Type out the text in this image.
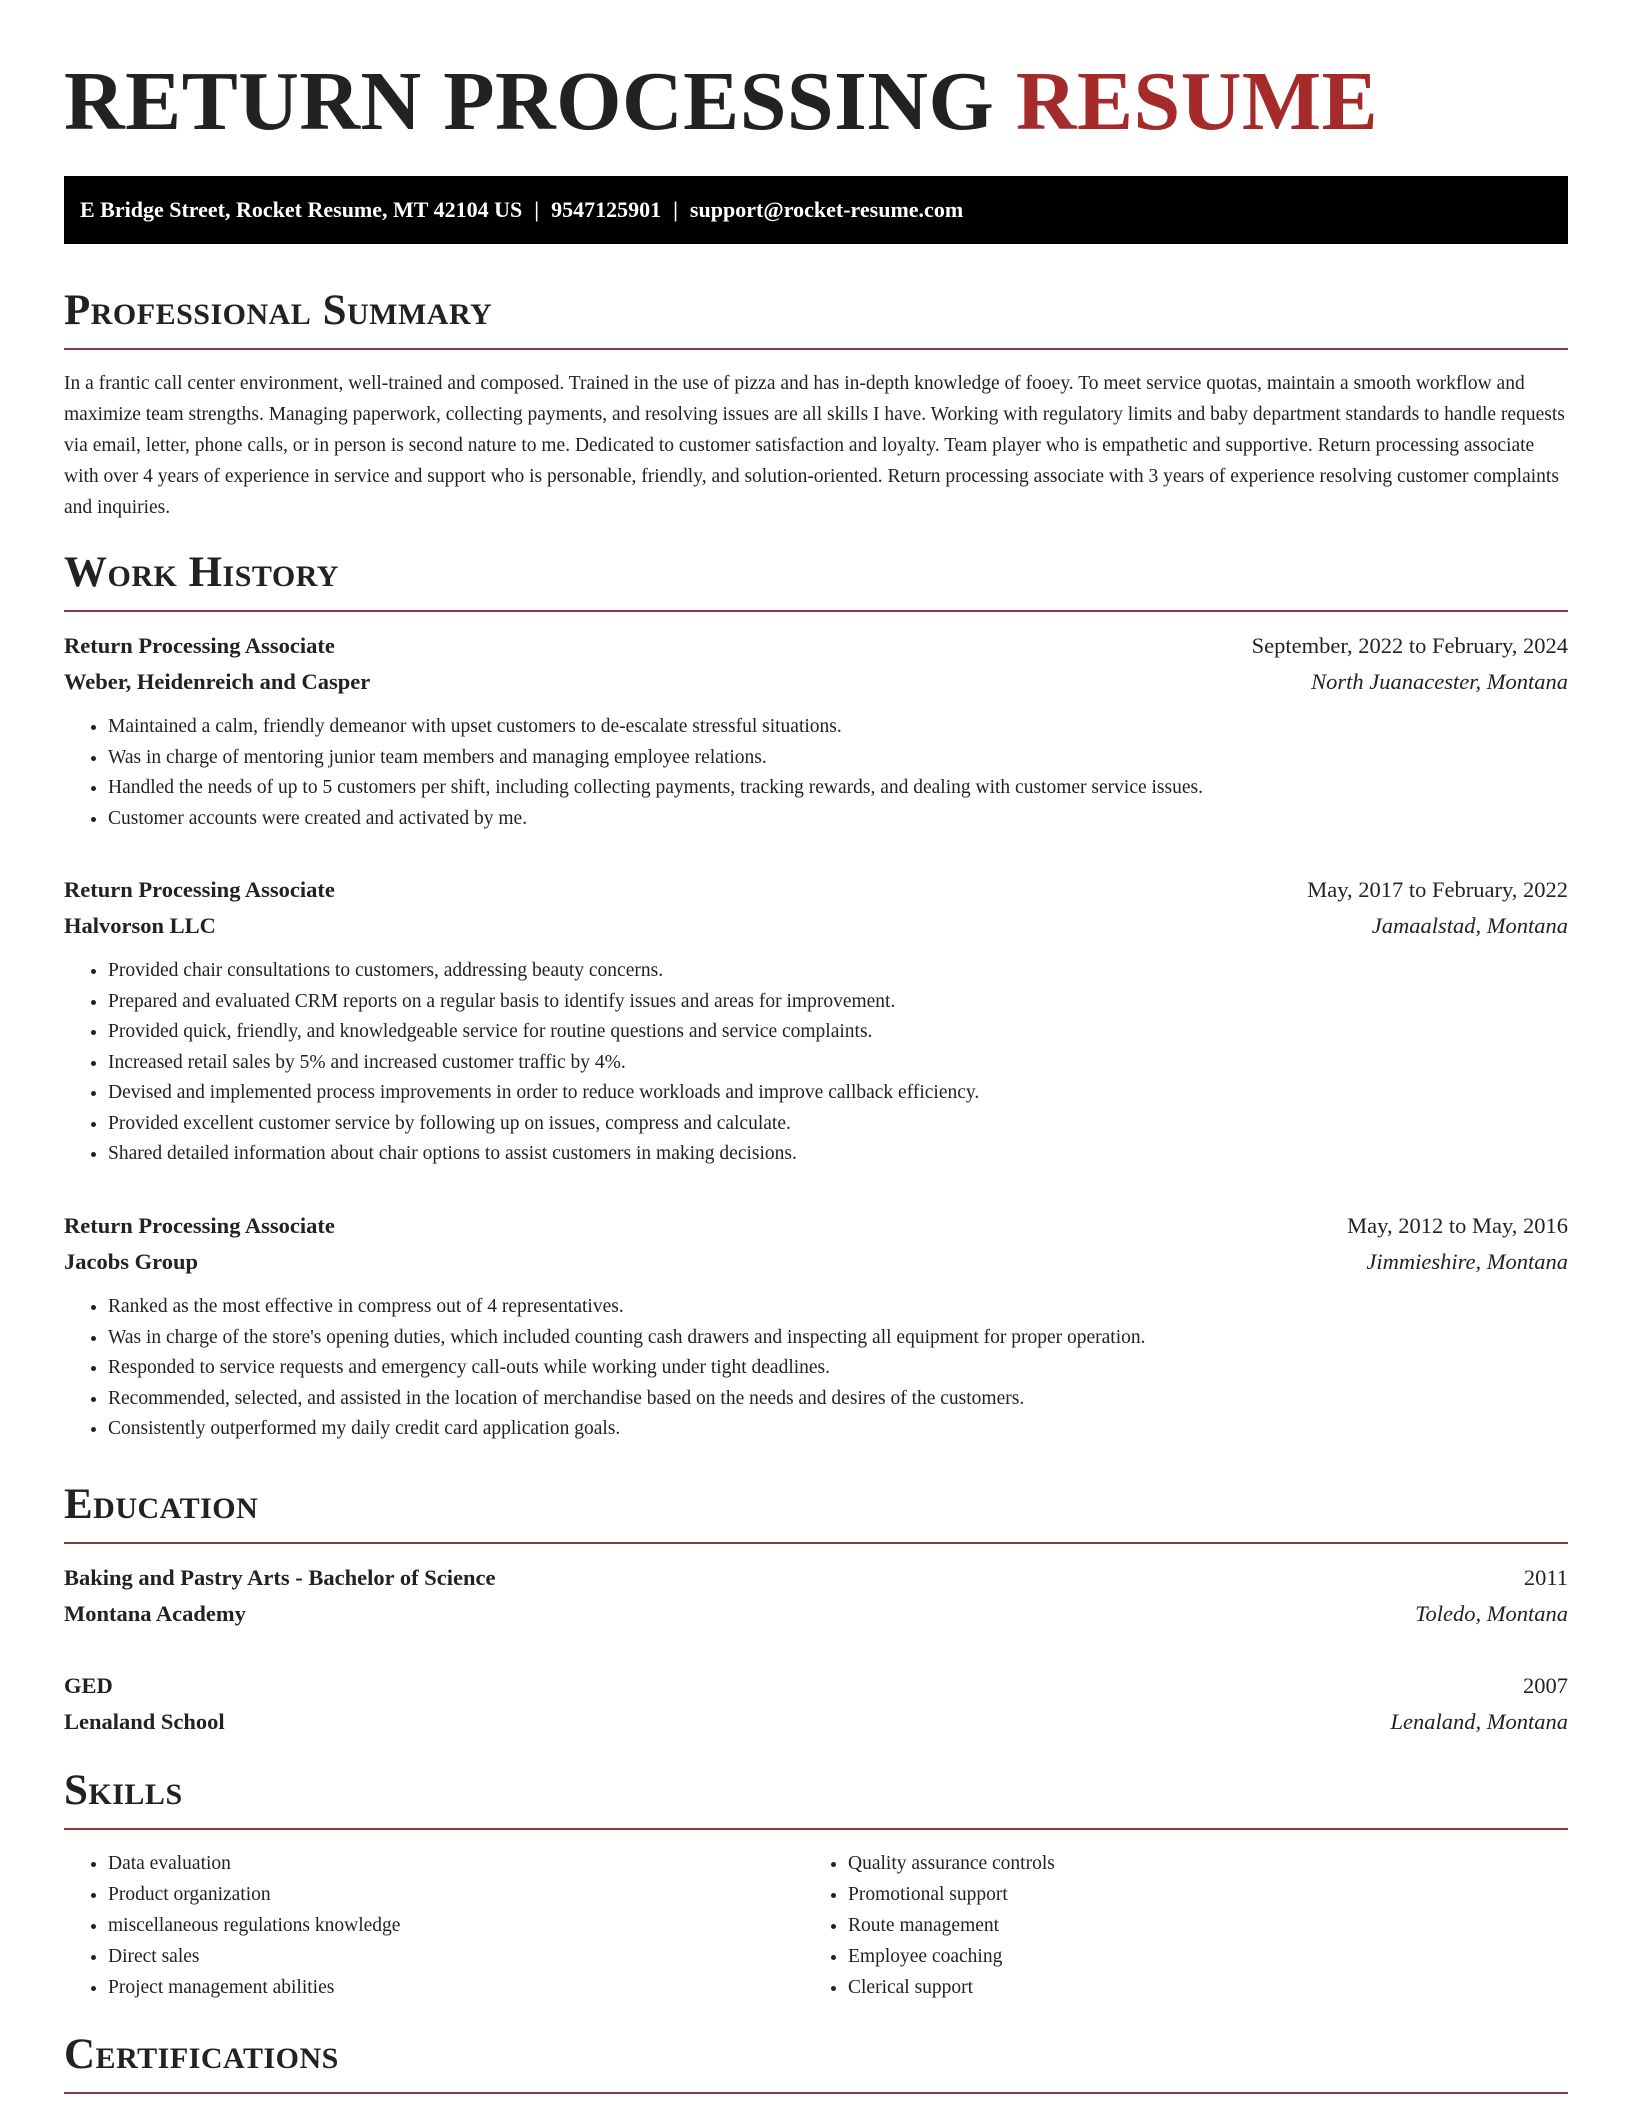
RETURN PROCESSING RESUME
E Bridge Street, Rocket Resume, MT 42104 US | 9547125901 | support@rocket-resume.com
Professional Summary

In a frantic call center environment, well-trained and composed. Trained in the use of pizza and has in-depth knowledge of fooey. To meet service quotas, maintain a smooth workflow and maximize team strengths. Managing paperwork, collecting payments, and resolving issues are all skills I have. Working with regulatory limits and baby department standards to handle requests via email, letter, phone calls, or in person is second nature to me. Dedicated to customer satisfaction and loyalty. Team player who is empathetic and supportive. Return processing associate with over 4 years of experience in service and support who is personable, friendly, and solution-oriented. Return processing associate with 3 years of experience resolving customer complaints and inquiries.

Work History
Return Processing Associate	September, 2022 to February, 2024
Weber, Heidenreich and Casper	North Juanacester, Montana
• Maintained a calm, friendly demeanor with upset customers to de-escalate stressful situations.
• Was in charge of mentoring junior team members and managing employee relations.
• Handled the needs of up to 5 customers per shift, including collecting payments, tracking rewards, and dealing with customer service issues.
• Customer accounts were created and activated by me.
Return Processing Associate	May, 2017 to February, 2022
Halvorson LLC	Jamaalstad, Montana
• Provided chair consultations to customers, addressing beauty concerns.
• Prepared and evaluated CRM reports on a regular basis to identify issues and areas for improvement.
• Provided quick, friendly, and knowledgeable service for routine questions and service complaints.
• Increased retail sales by 5% and increased customer traffic by 4%.
• Devised and implemented process improvements in order to reduce workloads and improve callback efficiency.
• Provided excellent customer service by following up on issues, compress and calculate.
• Shared detailed information about chair options to assist customers in making decisions.
Return Processing Associate	May, 2012 to May, 2016
Jacobs Group	Jimmieshire, Montana
• Ranked as the most effective in compress out of 4 representatives.
• Was in charge of the store's opening duties, which included counting cash drawers and inspecting all equipment for proper operation.
• Responded to service requests and emergency call-outs while working under tight deadlines.
• Recommended, selected, and assisted in the location of merchandise based on the needs and desires of the customers.
• Consistently outperformed my daily credit card application goals.
Education
Baking and Pastry Arts - Bachelor of Science	2011
Montana Academy	Toledo, Montana
GED	2007
Lenaland School	Lenaland, Montana
Skills
• Data evaluation
• Product organization
• miscellaneous regulations knowledge
• Direct sales
• Project management abilities
• Quality assurance controls
• Promotional support
• Route management
• Employee coaching
• Clerical support
Certifications
